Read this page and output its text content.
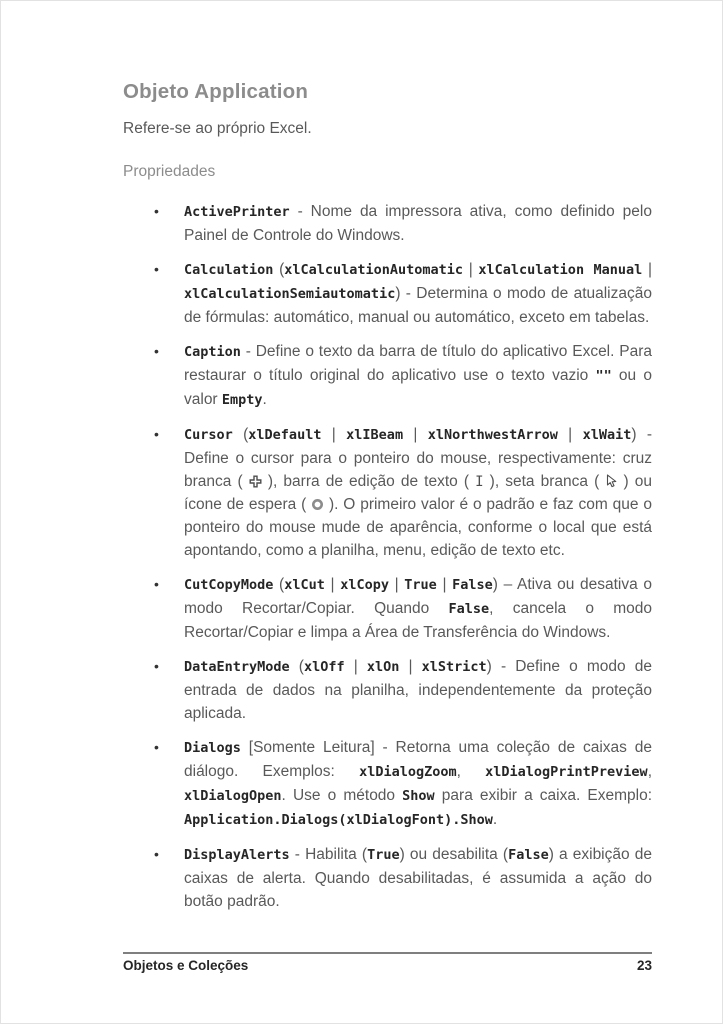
Objeto Application

Refere-se ao próprio Excel.

Propriedades
• ActivePrinter - Nome da impressora ativa, como definido pelo Painel de Controle do Windows.
• Calculation (xlCalculationAutomatic | xlCalculation Manual | xlCalculationSemiautomatic) - Determina o modo de atualização de fórmulas: automático, manual ou automático, exceto em tabelas.
• Caption - Define o texto da barra de título do aplicativo Excel. Para restaurar o título original do aplicativo use o texto vazio "" ou o valor Empty.
• Cursor (xlDefault | xlIBeam | xlNorthwestArrow | xlWait) - Define o cursor para o ponteiro do mouse, respectivamente: cruz branca (  ), barra de edição de texto ( I ), seta branca (  ) ou ícone de espera (  ). O primeiro valor é o padrão e faz com que o ponteiro do mouse mude de aparência, conforme o local que está apontando, como a planilha, menu, edição de texto etc.
• CutCopyMode (xlCut | xlCopy | True | False) – Ativa ou desativa o modo Recortar/Copiar. Quando False, cancela o modo Recortar/Copiar e limpa a Área de Transferência do Windows.
• DataEntryMode (xlOff | xlOn | xlStrict) - Define o modo de entrada de dados na planilha, independentemente da proteção aplicada.
• Dialogs [Somente Leitura] - Retorna uma coleção de caixas de diálogo. Exemplos: xlDialogZoom, xlDialogPrintPreview, xlDialogOpen. Use o método Show para exibir a caixa. Exemplo: Application.Dialogs(xlDialogFont).Show.
• DisplayAlerts - Habilita (True) ou desabilita (False) a exibição de caixas de alerta. Quando desabilitadas, é assumida a ação do botão padrão.
Objetos e Coleções	23
